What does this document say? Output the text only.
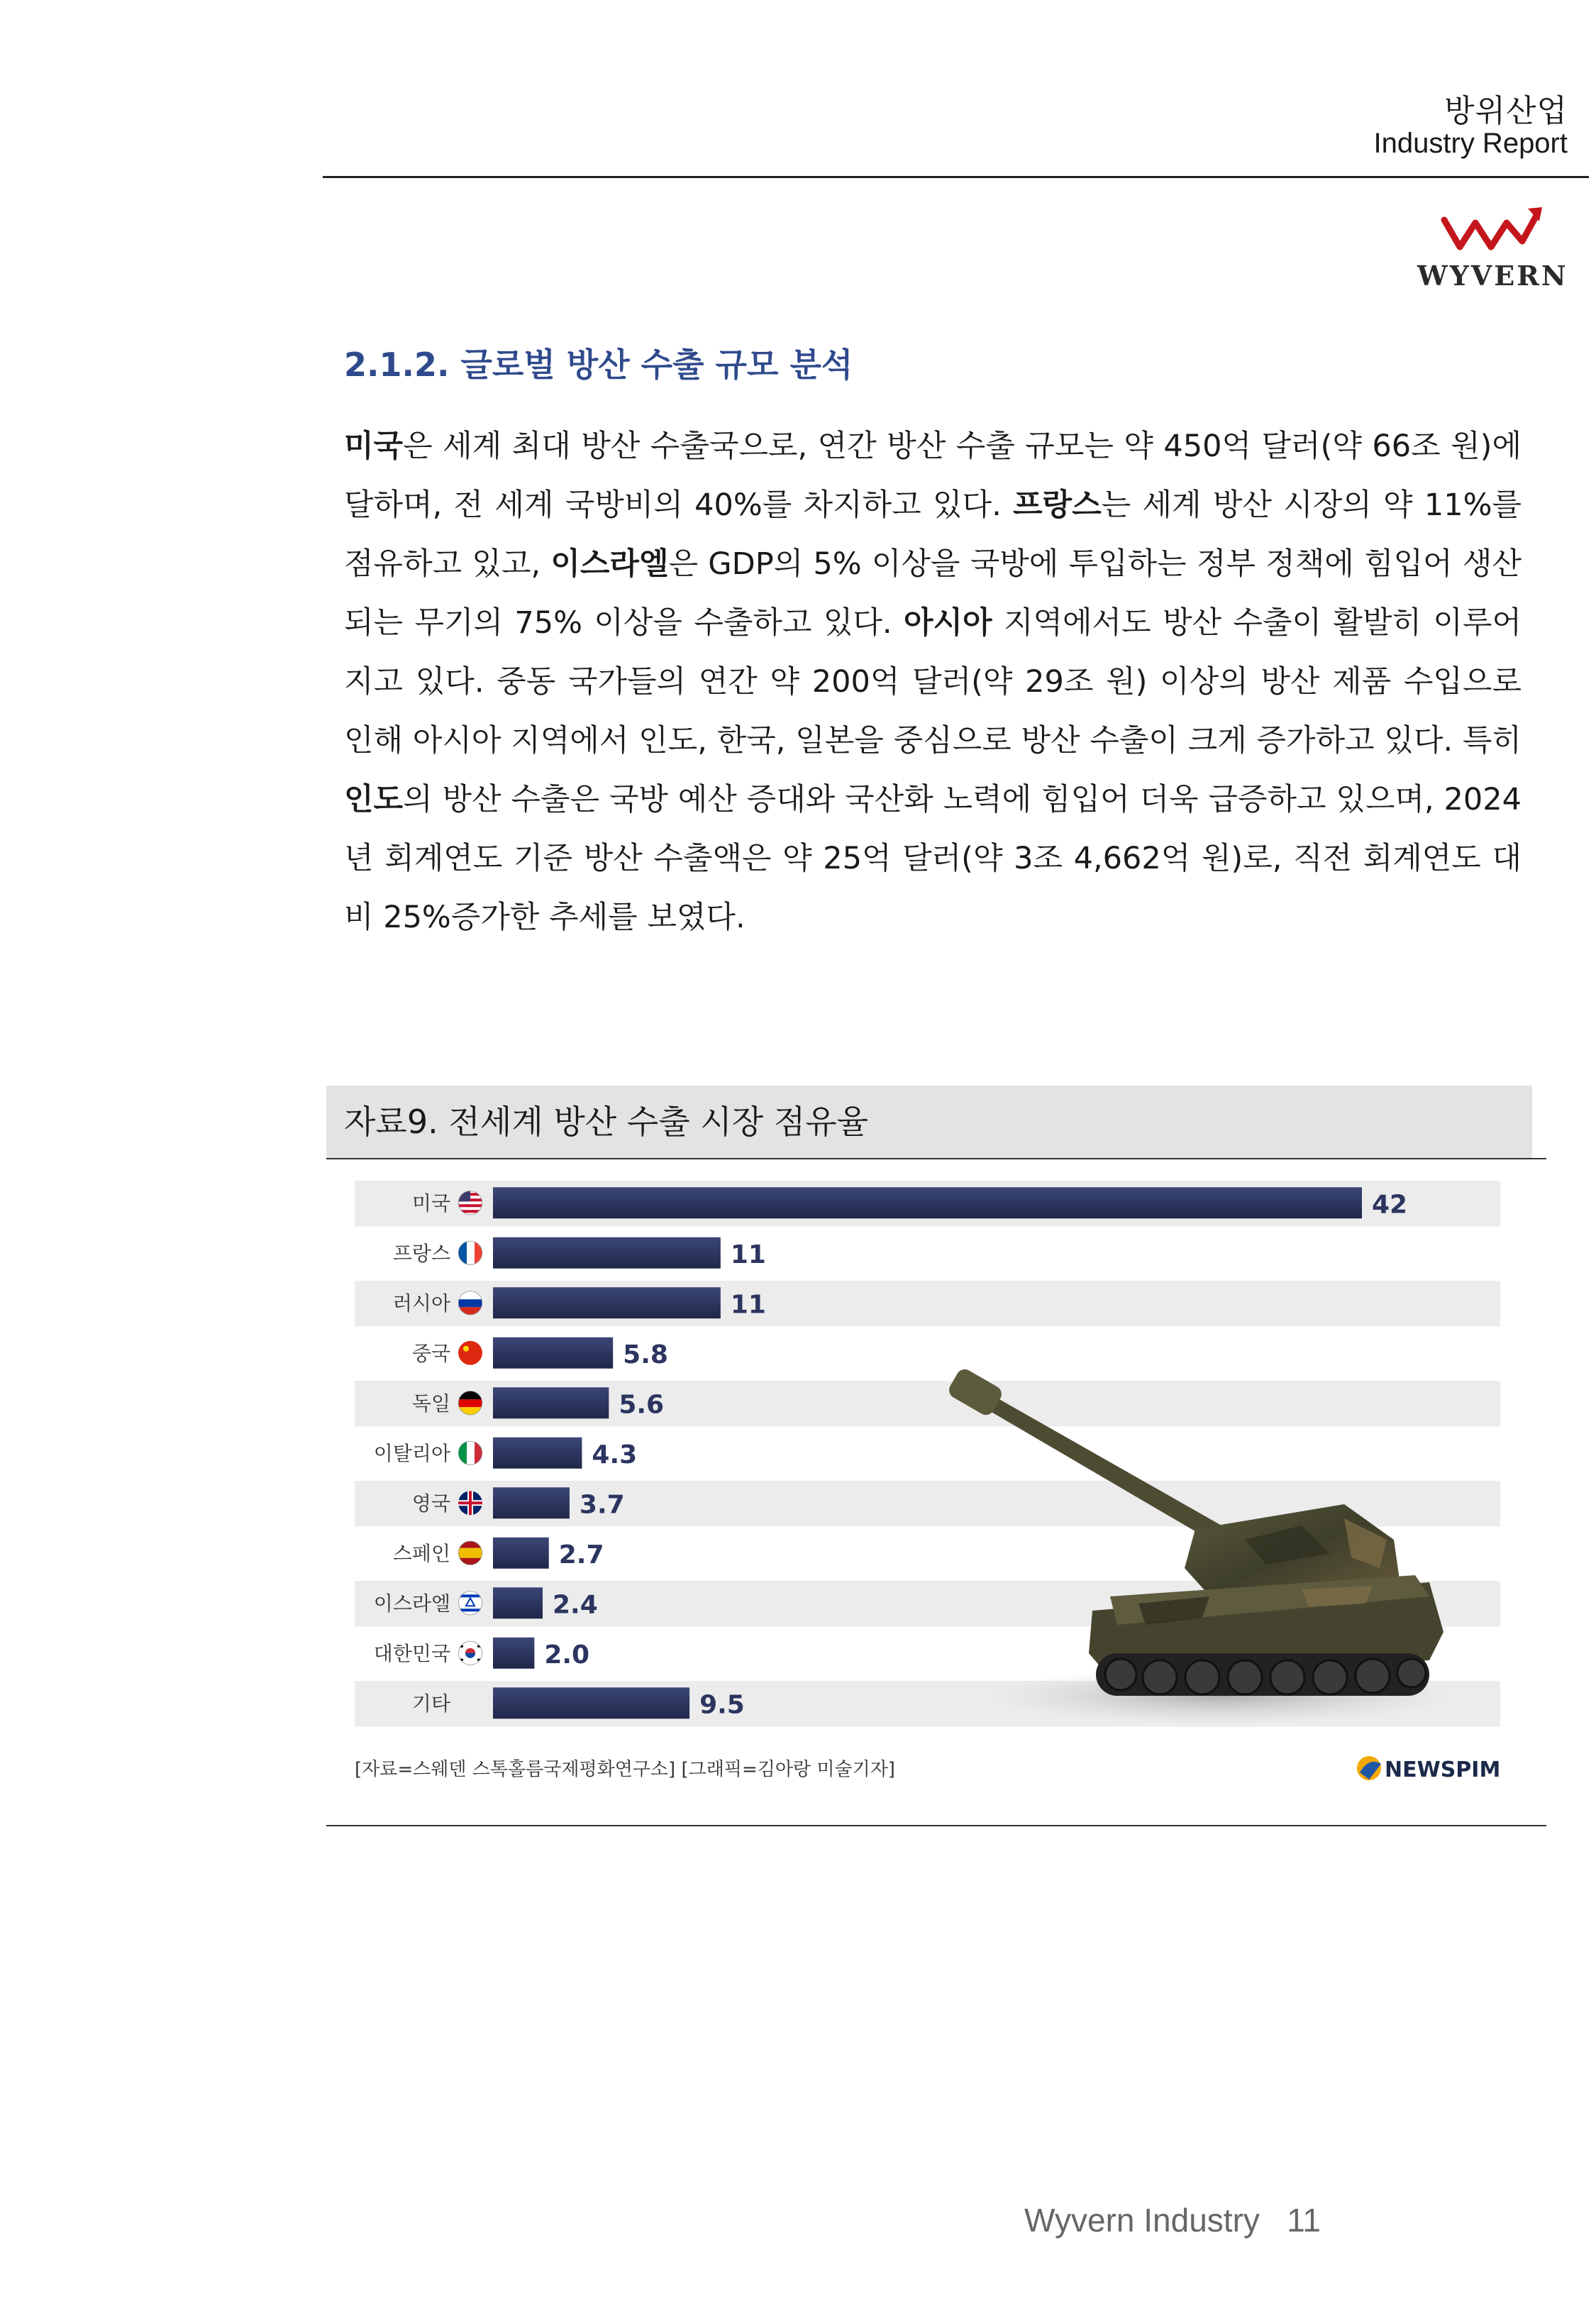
방위산업
Industry Report
WYVERN
2.1.2. 글로벌 방산 수출 규모 분석
미국은 세계 최대 방산 수출국으로, 연간 방산 수출 규모는 약 450억 달러(약 66조 원)에 달하며, 전 세계 국방비의 40%를 차지하고 있다. 프랑스는 세계 방산 시장의 약 11%를 점유하고 있고, 이스라엘은 GDP의 5% 이상을 국방에 투입하는 정부 정책에 힘입어 생산되는 무기의 75% 이상을 수출하고 있다. 아시아 지역에서도 방산 수출이 활발히 이루어지고 있다. 중동 국가들의 연간 약 200억 달러(약 29조 원) 이상의 방산 제품 수입으로 인해 아시아 지역에서 인도, 한국, 일본을 중심으로 방산 수출이 크게 증가하고 있다. 특히 인도의 방산 수출은 국방 예산 증대와 국산화 노력에 힘입어 더욱 급증하고 있으며, 2024년 회계연도 기준 방산 수출액은 약 25억 달러(약 3조 4,662억 원)로, 직전 회계연도 대비 25%증가한 추세를 보였다.
자료9. 전세계 방산 수출 시장 점유율
미국	42
프랑스	11
러시아	11
중국	5.8
독일	5.6
이탈리아	4.3
영국	3.7
스페인	2.7
이스라엘	2.4
대한민국	2.0
기타	9.5
[자료=스웨덴 스톡홀름국제평화연구소] [그래픽=김아랑 미술기자]	NEWSPIM
Wyvern Industry 11
